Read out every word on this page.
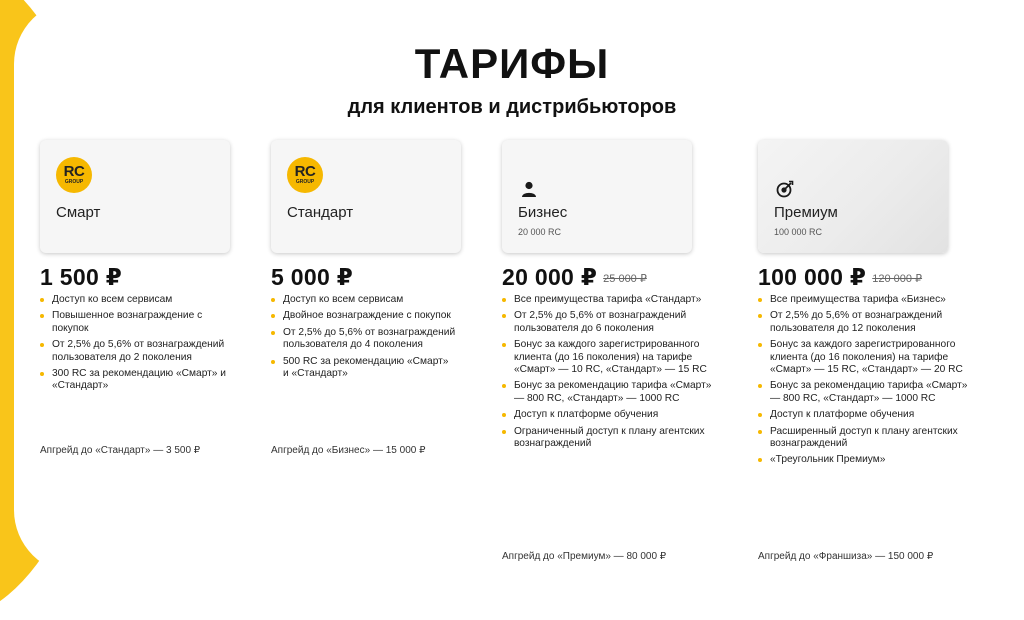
ТАРИФЫ
для клиентов и дистрибьюторов
RC
GROUP
Смарт
1 500 ₽
Доступ ко всем сервисам
Повышенное вознаграждение с покупок
От 2,5% до 5,6% от вознаграждений пользователя до 2 поколения
300 RC за рекомендацию «Смарт» и «Стандарт»
Апгрейд до «Стандарт» — 3 500 ₽
RC
GROUP
Стандарт
5 000 ₽
Доступ ко всем сервисам
Двойное вознаграждение с покупок
От 2,5% до 5,6% от вознаграждений пользователя до 4 поколения
500 RC за рекомендацию «Смарт» и «Стандарт»
Апгрейд до «Бизнес» — 15 000 ₽
Бизнес
20 000 RC
20 000 ₽ 25 000 ₽
Все преимущества тарифа «Стандарт»
От 2,5% до 5,6% от вознаграждений пользователя до 6 поколения
Бонус за каждого зарегистрированного клиента (до 16 поколения) на тарифе «Смарт» — 10 RC, «Стандарт» — 15 RC
Бонус за рекомендацию тарифа «Смарт» — 800 RC, «Стандарт» — 1000 RC
Доступ к платформе обучения
Ограниченный доступ к плану агентских вознаграждений
Апгрейд до «Премиум» — 80 000 ₽
Премиум
100 000 RC
100 000 ₽ 120 000 ₽
Все преимущества тарифа «Бизнес»
От 2,5% до 5,6% от вознаграждений пользователя до 12 поколения
Бонус за каждого зарегистрированного клиента (до 16 поколения) на тарифе «Смарт» — 15 RC, «Стандарт» — 20 RC
Бонус за рекомендацию тарифа «Смарт» — 800 RC, «Стандарт» — 1000 RC
Доступ к платформе обучения
Расширенный доступ к плану агентских вознаграждений
«Треугольник Премиум»
Апгрейд до «Франшиза» — 150 000 ₽
